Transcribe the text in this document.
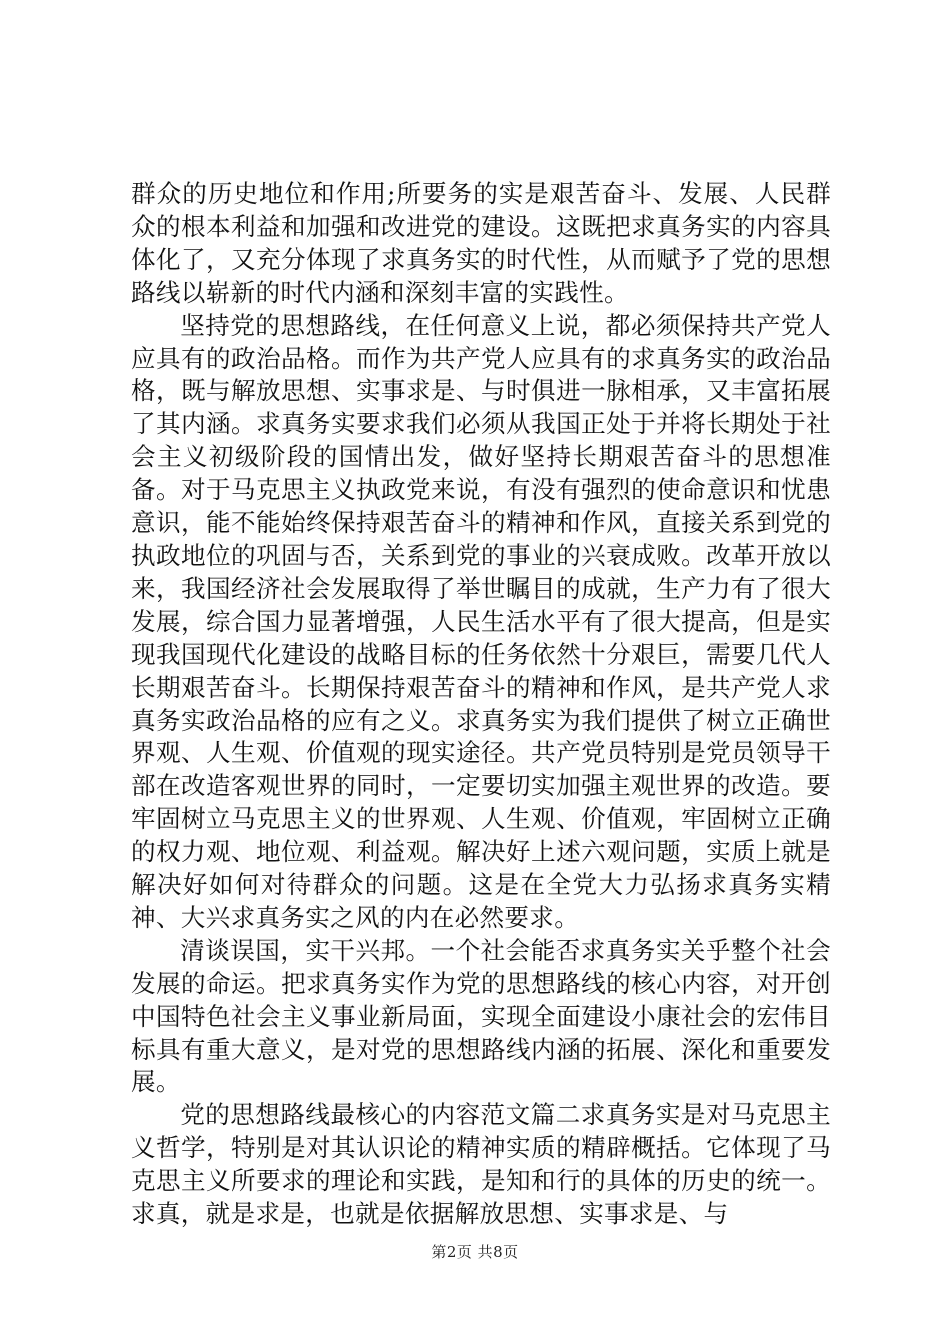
群众的历史地位和作用;所要务的实是艰苦奋斗、发展、人民群众的根本利益和加强和改进党的建设。这既把求真务实的内容具体化了，又充分体现了求真务实的时代性，从而赋予了党的思想路线以崭新的时代内涵和深刻丰富的实践性。

坚持党的思想路线，在任何意义上说，都必须保持共产党人应具有的政治品格。而作为共产党人应具有的求真务实的政治品格，既与解放思想、实事求是、与时俱进一脉相承，又丰富拓展了其内涵。求真务实要求我们必须从我国正处于并将长期处于社会主义初级阶段的国情出发，做好坚持长期艰苦奋斗的思想准备。对于马克思主义执政党来说，有没有强烈的使命意识和忧患意识，能不能始终保持艰苦奋斗的精神和作风，直接关系到党的执政地位的巩固与否，关系到党的事业的兴衰成败。改革开放以来，我国经济社会发展取得了举世瞩目的成就，生产力有了很大发展，综合国力显著增强，人民生活水平有了很大提高，但是实现我国现代化建设的战略目标的任务依然十分艰巨，需要几代人长期艰苦奋斗。长期保持艰苦奋斗的精神和作风，是共产党人求真务实政治品格的应有之义。求真务实为我们提供了树立正确世界观、人生观、价值观的现实途径。共产党员特别是党员领导干部在改造客观世界的同时，一定要切实加强主观世界的改造。要牢固树立马克思主义的世界观、人生观、价值观，牢固树立正确的权力观、地位观、利益观。解决好上述六观问题，实质上就是解决好如何对待群众的问题。这是在全党大力弘扬求真务实精神、大兴求真务实之风的内在必然要求。

清谈误国，实干兴邦。一个社会能否求真务实关乎整个社会发展的命运。把求真务实作为党的思想路线的核心内容，对开创中国特色社会主义事业新局面，实现全面建设小康社会的宏伟目标具有重大意义，是对党的思想路线内涵的拓展、深化和重要发展。

党的思想路线最核心的内容范文篇二求真务实是对马克思主义哲学，特别是对其认识论的精神实质的精辟概括。它体现了马克思主义所要求的理论和实践，是知和行的具体的历史的统一。求真，就是求是，也就是依据解放思想、实事求是、与

第2页 共8页
